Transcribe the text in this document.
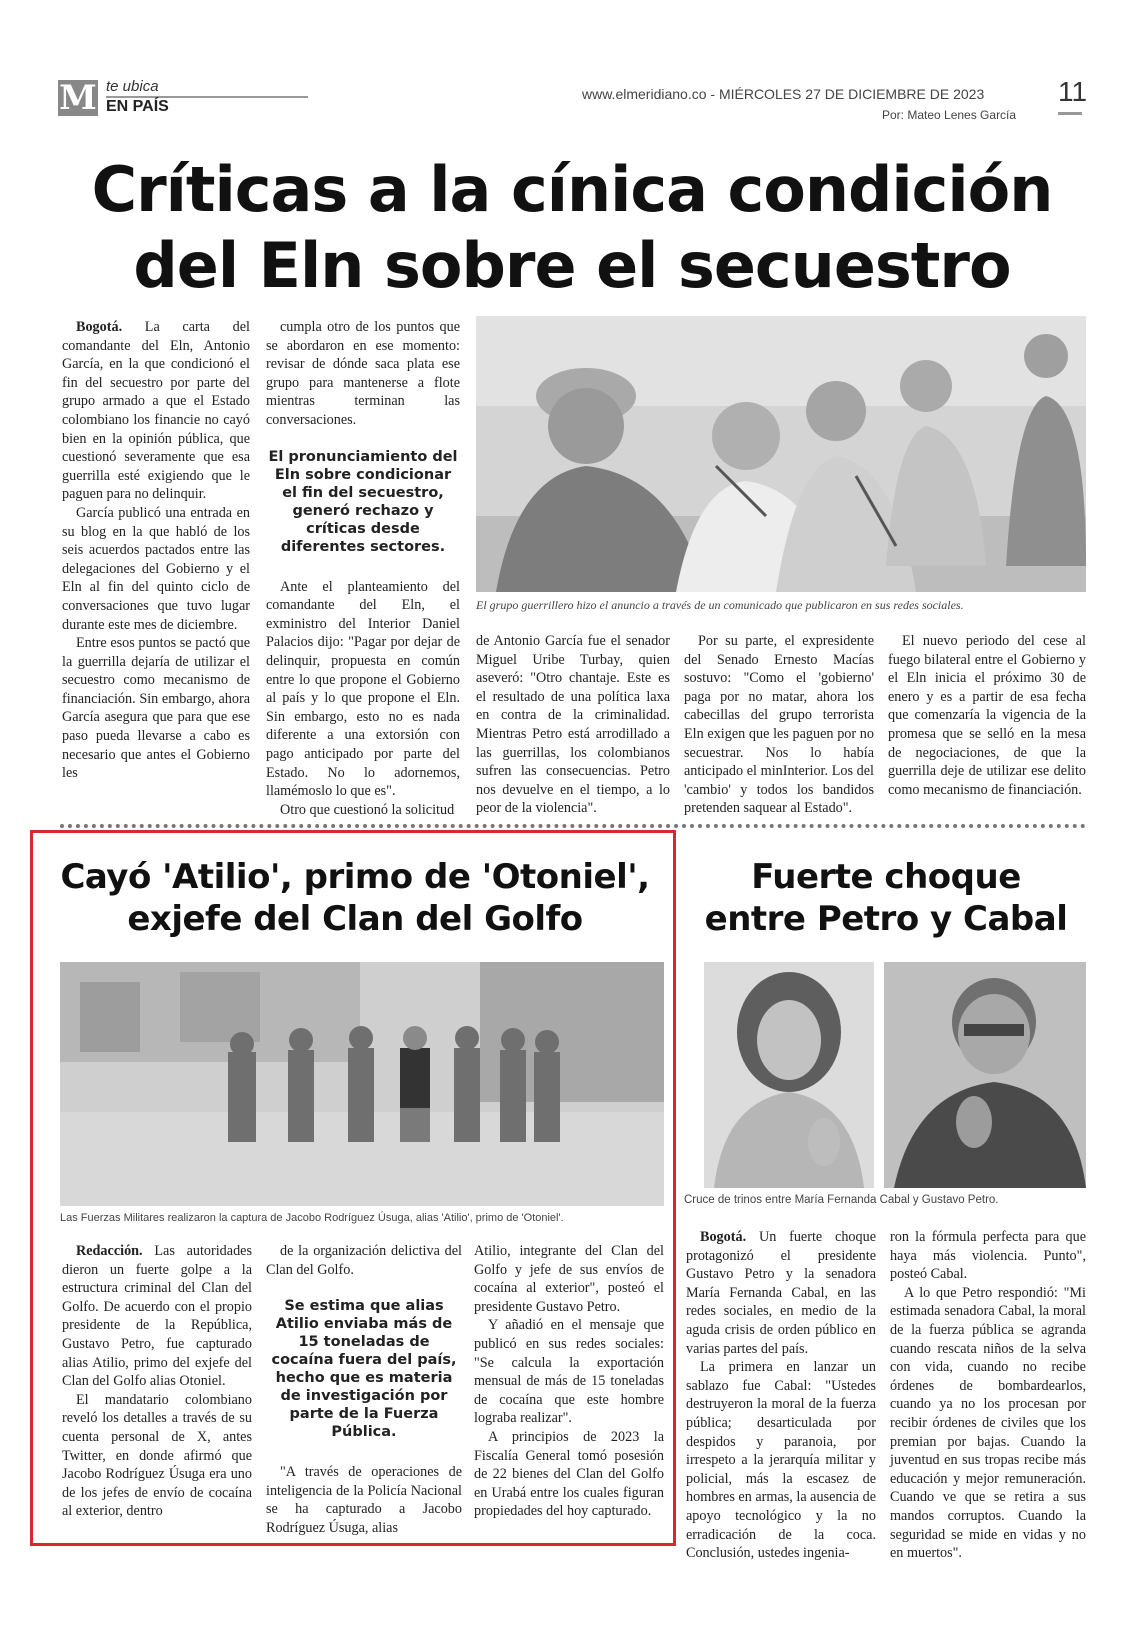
M te ubica
EN PAÍS
www.elmeridiano.co - MIÉRCOLES 27 DE DICIEMBRE DE 2023
Por: Mateo Lenes García
11
Críticas a la cínica condición
del Eln sobre el secuestro

Bogotá. La carta del comandante del Eln, Antonio García, en la que condicionó el fin del secuestro por parte del grupo armado a que el Estado colombiano los financie no cayó bien en la opinión pública, que cuestionó severamente que esa guerrilla esté exigiendo que le paguen para no delinquir.

García publicó una entrada en su blog en la que habló de los seis acuerdos pactados entre las delegaciones del Gobierno y el Eln al fin del quinto ciclo de conversaciones que tuvo lugar durante este mes de diciembre.

Entre esos puntos se pactó que la guerrilla dejaría de utilizar el secuestro como mecanismo de financiación. Sin embargo, ahora García asegura que para que ese paso pueda llevarse a cabo es necesario que antes el Gobierno les

cumpla otro de los puntos que se abordaron en ese momento: revisar de dónde saca plata ese grupo para mantenerse a flote mientras terminan las conversaciones.

El pronunciamiento del Eln sobre condicionar el fin del secuestro, generó rechazo y críticas desde diferentes sectores.

Ante el planteamiento del comandante del Eln, el exministro del Interior Daniel Palacios dijo: "Pagar por dejar de delinquir, propuesta en común entre lo que propone el Gobierno al país y lo que propone el Eln. Sin embargo, esto no es nada diferente a una extorsión con pago anticipado por parte del Estado. No lo adornemos, llamémoslo lo que es".

Otro que cuestionó la solicitud

El grupo guerrillero hizo el anuncio a través de un comunicado que publicaron en sus redes sociales.

de Antonio García fue el senador Miguel Uribe Turbay, quien aseveró: "Otro chantaje. Este es el resultado de una política laxa en contra de la criminalidad. Mientras Petro está arrodillado a las guerrillas, los colombianos sufren las consecuencias. Petro nos devuelve en el tiempo, a lo peor de la violencia".

Por su parte, el expresidente del Senado Ernesto Macías sostuvo: "Como el 'gobierno' paga por no matar, ahora los cabecillas del grupo terrorista Eln exigen que les paguen por no secuestrar. Nos lo había anticipado el minInterior. Los del 'cambio' y todos los bandidos pretenden saquear al Estado".

El nuevo periodo del cese al fuego bilateral entre el Gobierno y el Eln inicia el próximo 30 de enero y es a partir de esa fecha que comenzaría la vigencia de la promesa que se selló en la mesa de negociaciones, de que la guerrilla deje de utilizar ese delito como mecanismo de financiación.

Cayó 'Atilio', primo de 'Otoniel',
exjefe del Clan del Golfo
Las Fuerzas Militares realizaron la captura de Jacobo Rodríguez Úsuga, alias 'Atilio', primo de 'Otoniel'.

Redacción. Las autoridades dieron un fuerte golpe a la estructura criminal del Clan del Golfo. De acuerdo con el propio presidente de la República, Gustavo Petro, fue capturado alias Atilio, primo del exjefe del Clan del Golfo alias Otoniel.

El mandatario colombiano reveló los detalles a través de su cuenta personal de X, antes Twitter, en donde afirmó que Jacobo Rodríguez Úsuga era uno de los jefes de envío de cocaína al exterior, dentro

de la organización delictiva del Clan del Golfo.

Se estima que alias Atilio enviaba más de 15 toneladas de cocaína fuera del país, hecho que es materia de investigación por parte de la Fuerza Pública.

"A través de operaciones de inteligencia de la Policía Nacional se ha capturado a Jacobo Rodríguez Úsuga, alias

Atilio, integrante del Clan del Golfo y jefe de sus envíos de cocaína al exterior", posteó el presidente Gustavo Petro.

Y añadió en el mensaje que publicó en sus redes sociales: "Se calcula la exportación mensual de más de 15 toneladas de cocaína que este hombre lograba realizar".

A principios de 2023 la Fiscalía General tomó posesión de 22 bienes del Clan del Golfo en Urabá entre los cuales figuran propiedades del hoy capturado.

Fuerte choque
entre Petro y Cabal
Cruce de trinos entre María Fernanda Cabal y Gustavo Petro.

Bogotá. Un fuerte choque protagonizó el presidente Gustavo Petro y la senadora María Fernanda Cabal, en las redes sociales, en medio de la aguda crisis de orden público en varias partes del país.

La primera en lanzar un sablazo fue Cabal: "Ustedes destruyeron la moral de la fuerza pública; desarticulada por despidos y paranoia, por irrespeto a la jerarquía militar y policial, más la escasez de hombres en armas, la ausencia de apoyo tecnológico y la no erradicación de la coca. Conclusión, ustedes ingenia-

ron la fórmula perfecta para que haya más violencia. Punto", posteó Cabal.

A lo que Petro respondió: "Mi estimada senadora Cabal, la moral de la fuerza pública se agranda cuando rescata niños de la selva con vida, cuando no recibe órdenes de bombardearlos, cuando ya no los procesan por recibir órdenes de civiles que los premian por bajas. Cuando la juventud en sus tropas recibe más educación y mejor remuneración. Cuando ve que se retira a sus mandos corruptos. Cuando la seguridad se mide en vidas y no en muertos".
